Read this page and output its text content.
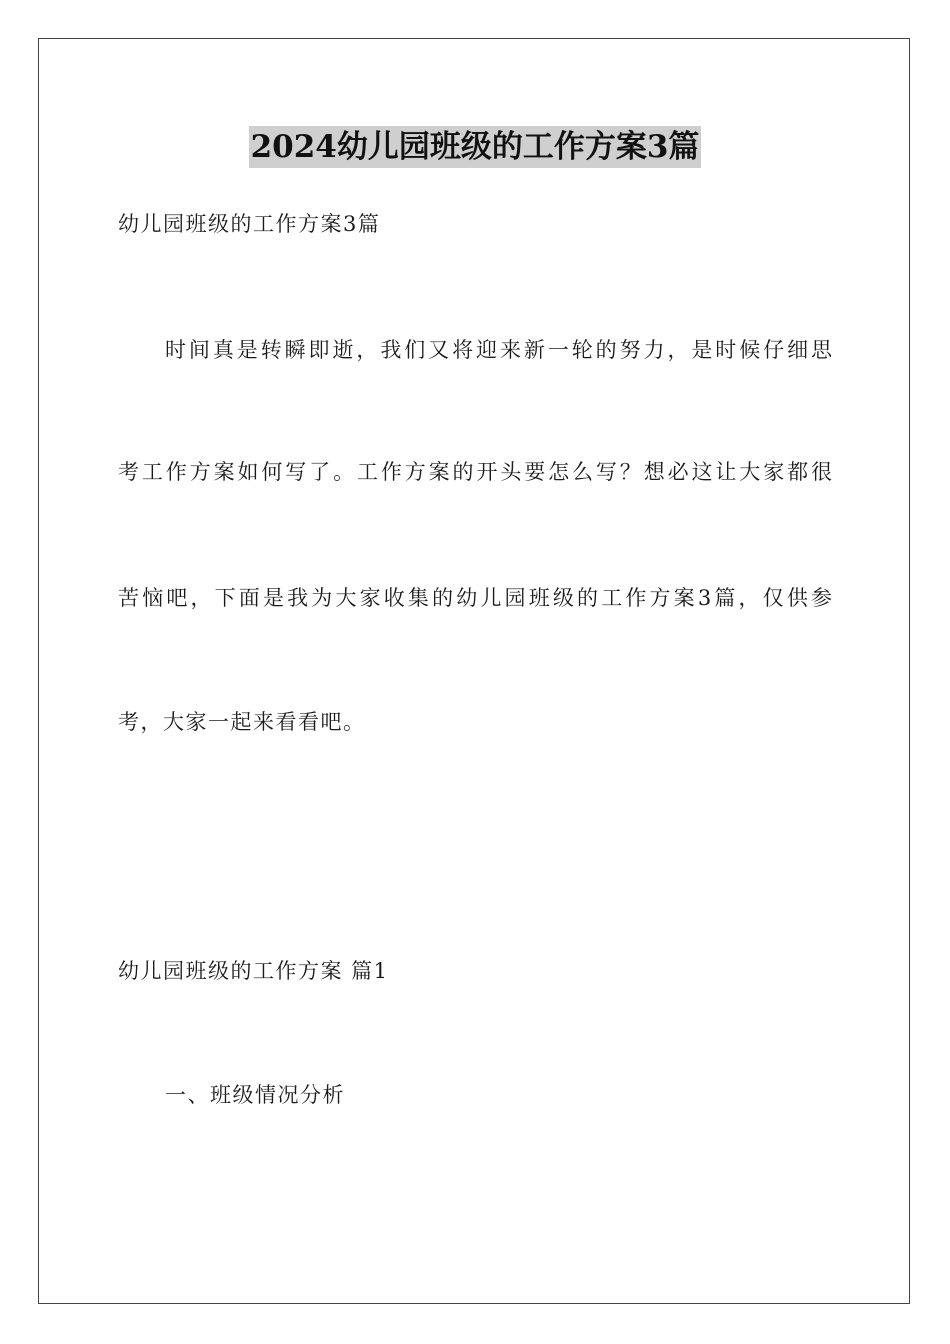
2024幼儿园班级的工作方案3篇
幼儿园班级的工作方案3篇
时间真是转瞬即逝，我们又将迎来新一轮的努力，是时候仔细思
考工作方案如何写了。工作方案的开头要怎么写？想必这让大家都很
苦恼吧，下面是我为大家收集的幼儿园班级的工作方案3篇，仅供参
考，大家一起来看看吧。
幼儿园班级的工作方案 篇1
一、班级情况分析
